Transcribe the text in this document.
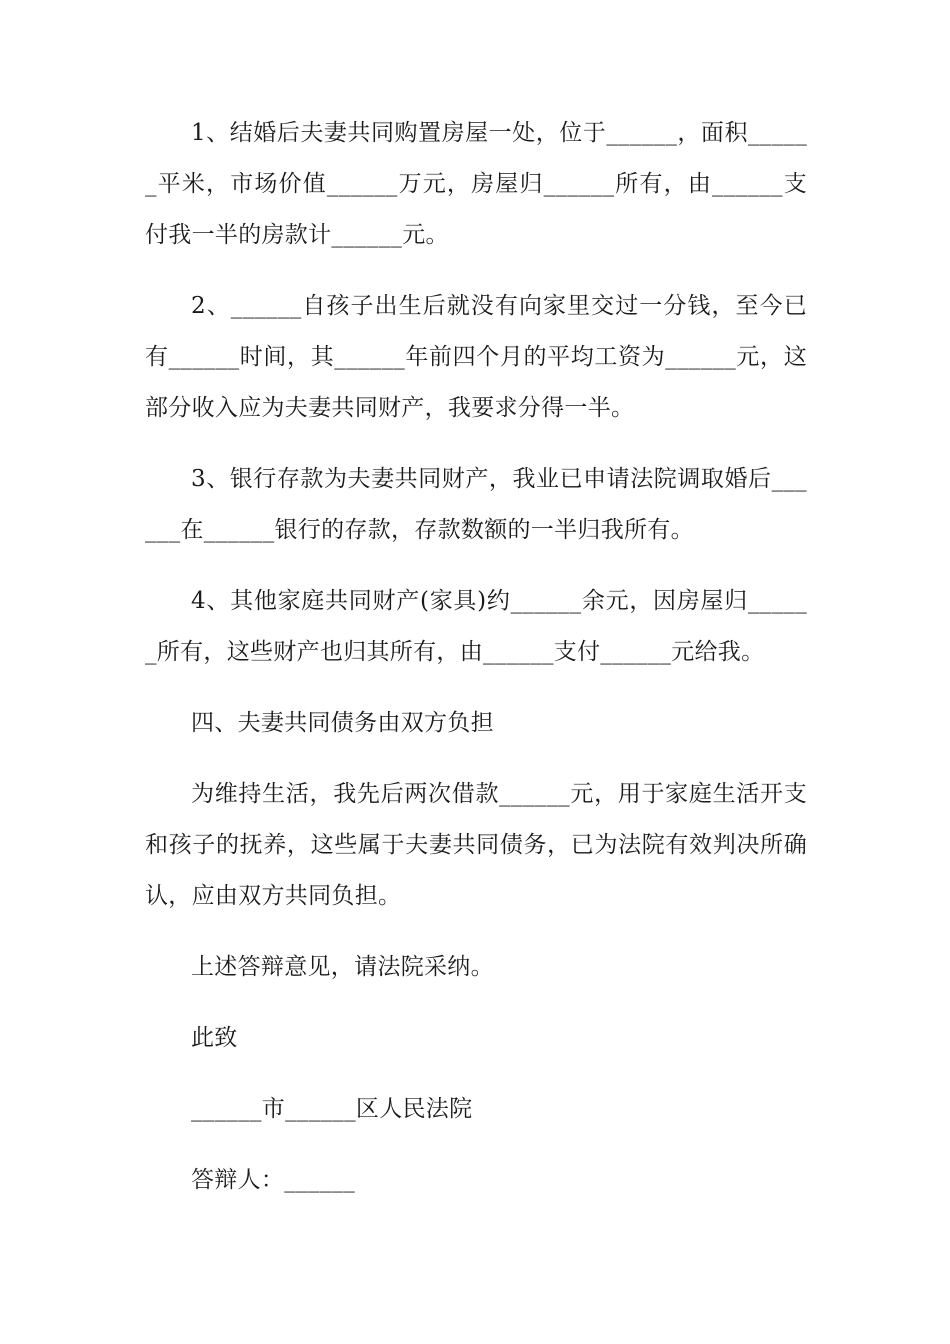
1、结婚后夫妻共同购置房屋一处，位于______，面积______平米，市场价值______万元，房屋归______所有，由______支付我一半的房款计______元。

2、______自孩子出生后就没有向家里交过一分钱，至今已有______时间，其______年前四个月的平均工资为______元，这部分收入应为夫妻共同财产，我要求分得一半。

3、银行存款为夫妻共同财产，我业已申请法院调取婚后______在______银行的存款，存款数额的一半归我所有。

4、其他家庭共同财产(家具)约______余元，因房屋归______所有，这些财产也归其所有，由______支付______元给我。

四、夫妻共同债务由双方负担

为维持生活，我先后两次借款______元，用于家庭生活开支和孩子的抚养，这些属于夫妻共同债务，已为法院有效判决所确认，应由双方共同负担。

上述答辩意见，请法院采纳。

此致

______市______区人民法院

答辩人：______
